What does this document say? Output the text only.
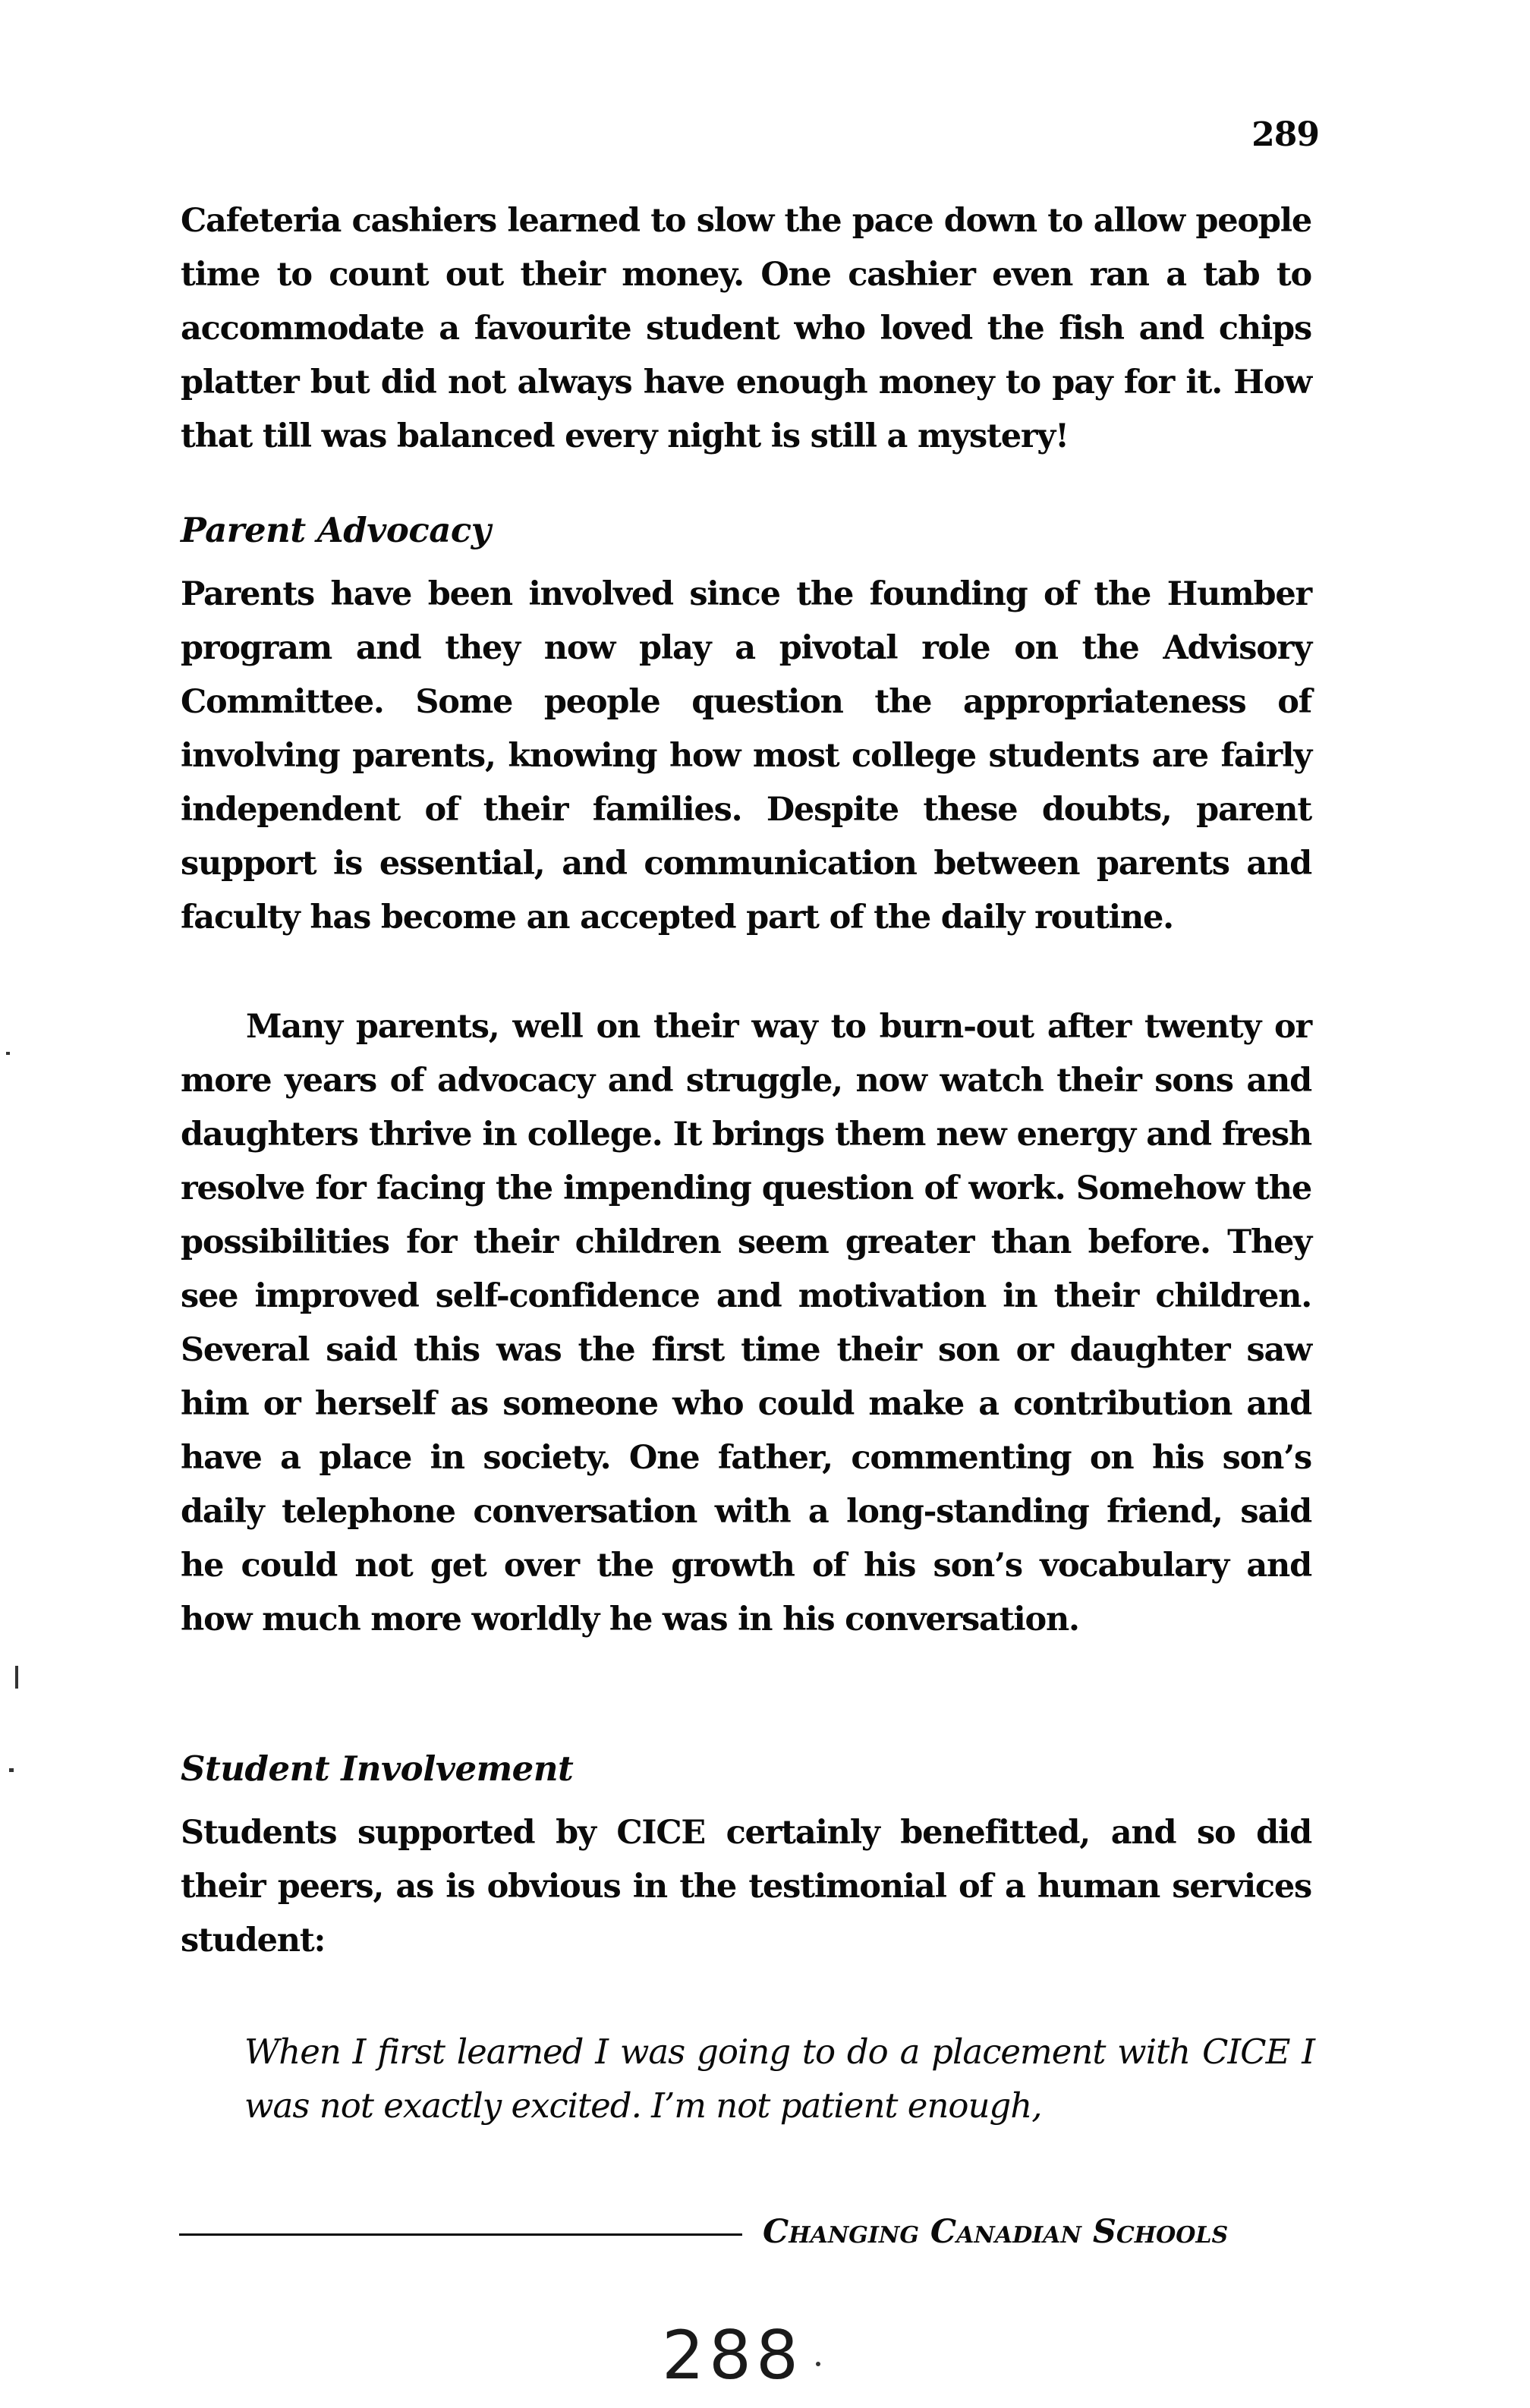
289
Cafeteria cashiers learned to slow the pace down to allow people time to count out their money. One cashier even ran a tab to accommodate a favourite student who loved the fish and chips platter but did not always have enough money to pay for it. How that till was balanced every night is still a mystery!
Parent Advocacy
Parents have been involved since the founding of the Humber program and they now play a pivotal role on the Advisory Committee. Some people question the appropriateness of involving parents, knowing how most college students are fairly independent of their families. Despite these doubts, parent support is essential, and communication between parents and faculty has become an accepted part of the daily routine.
Many parents, well on their way to burn-out after twenty or more years of advocacy and struggle, now watch their sons and daughters thrive in college. It brings them new energy and fresh resolve for facing the impending question of work. Somehow the possibilities for their children seem greater than before. They see improved self-confidence and motivation in their children. Several said this was the first time their son or daughter saw him or herself as someone who could make a contribution and have a place in society. One father, commenting on his son’s daily telephone conversation with a long-standing friend, said he could not get over the growth of his son’s vocabulary and how much more worldly he was in his conversation.
Student Involvement
Students supported by CICE certainly benefitted, and so did their peers, as is obvious in the testimonial of a human services student:
When I first learned I was going to do a placement with CICE I was not exactly excited. I’m not patient enough,
Changing Canadian Schools
288
